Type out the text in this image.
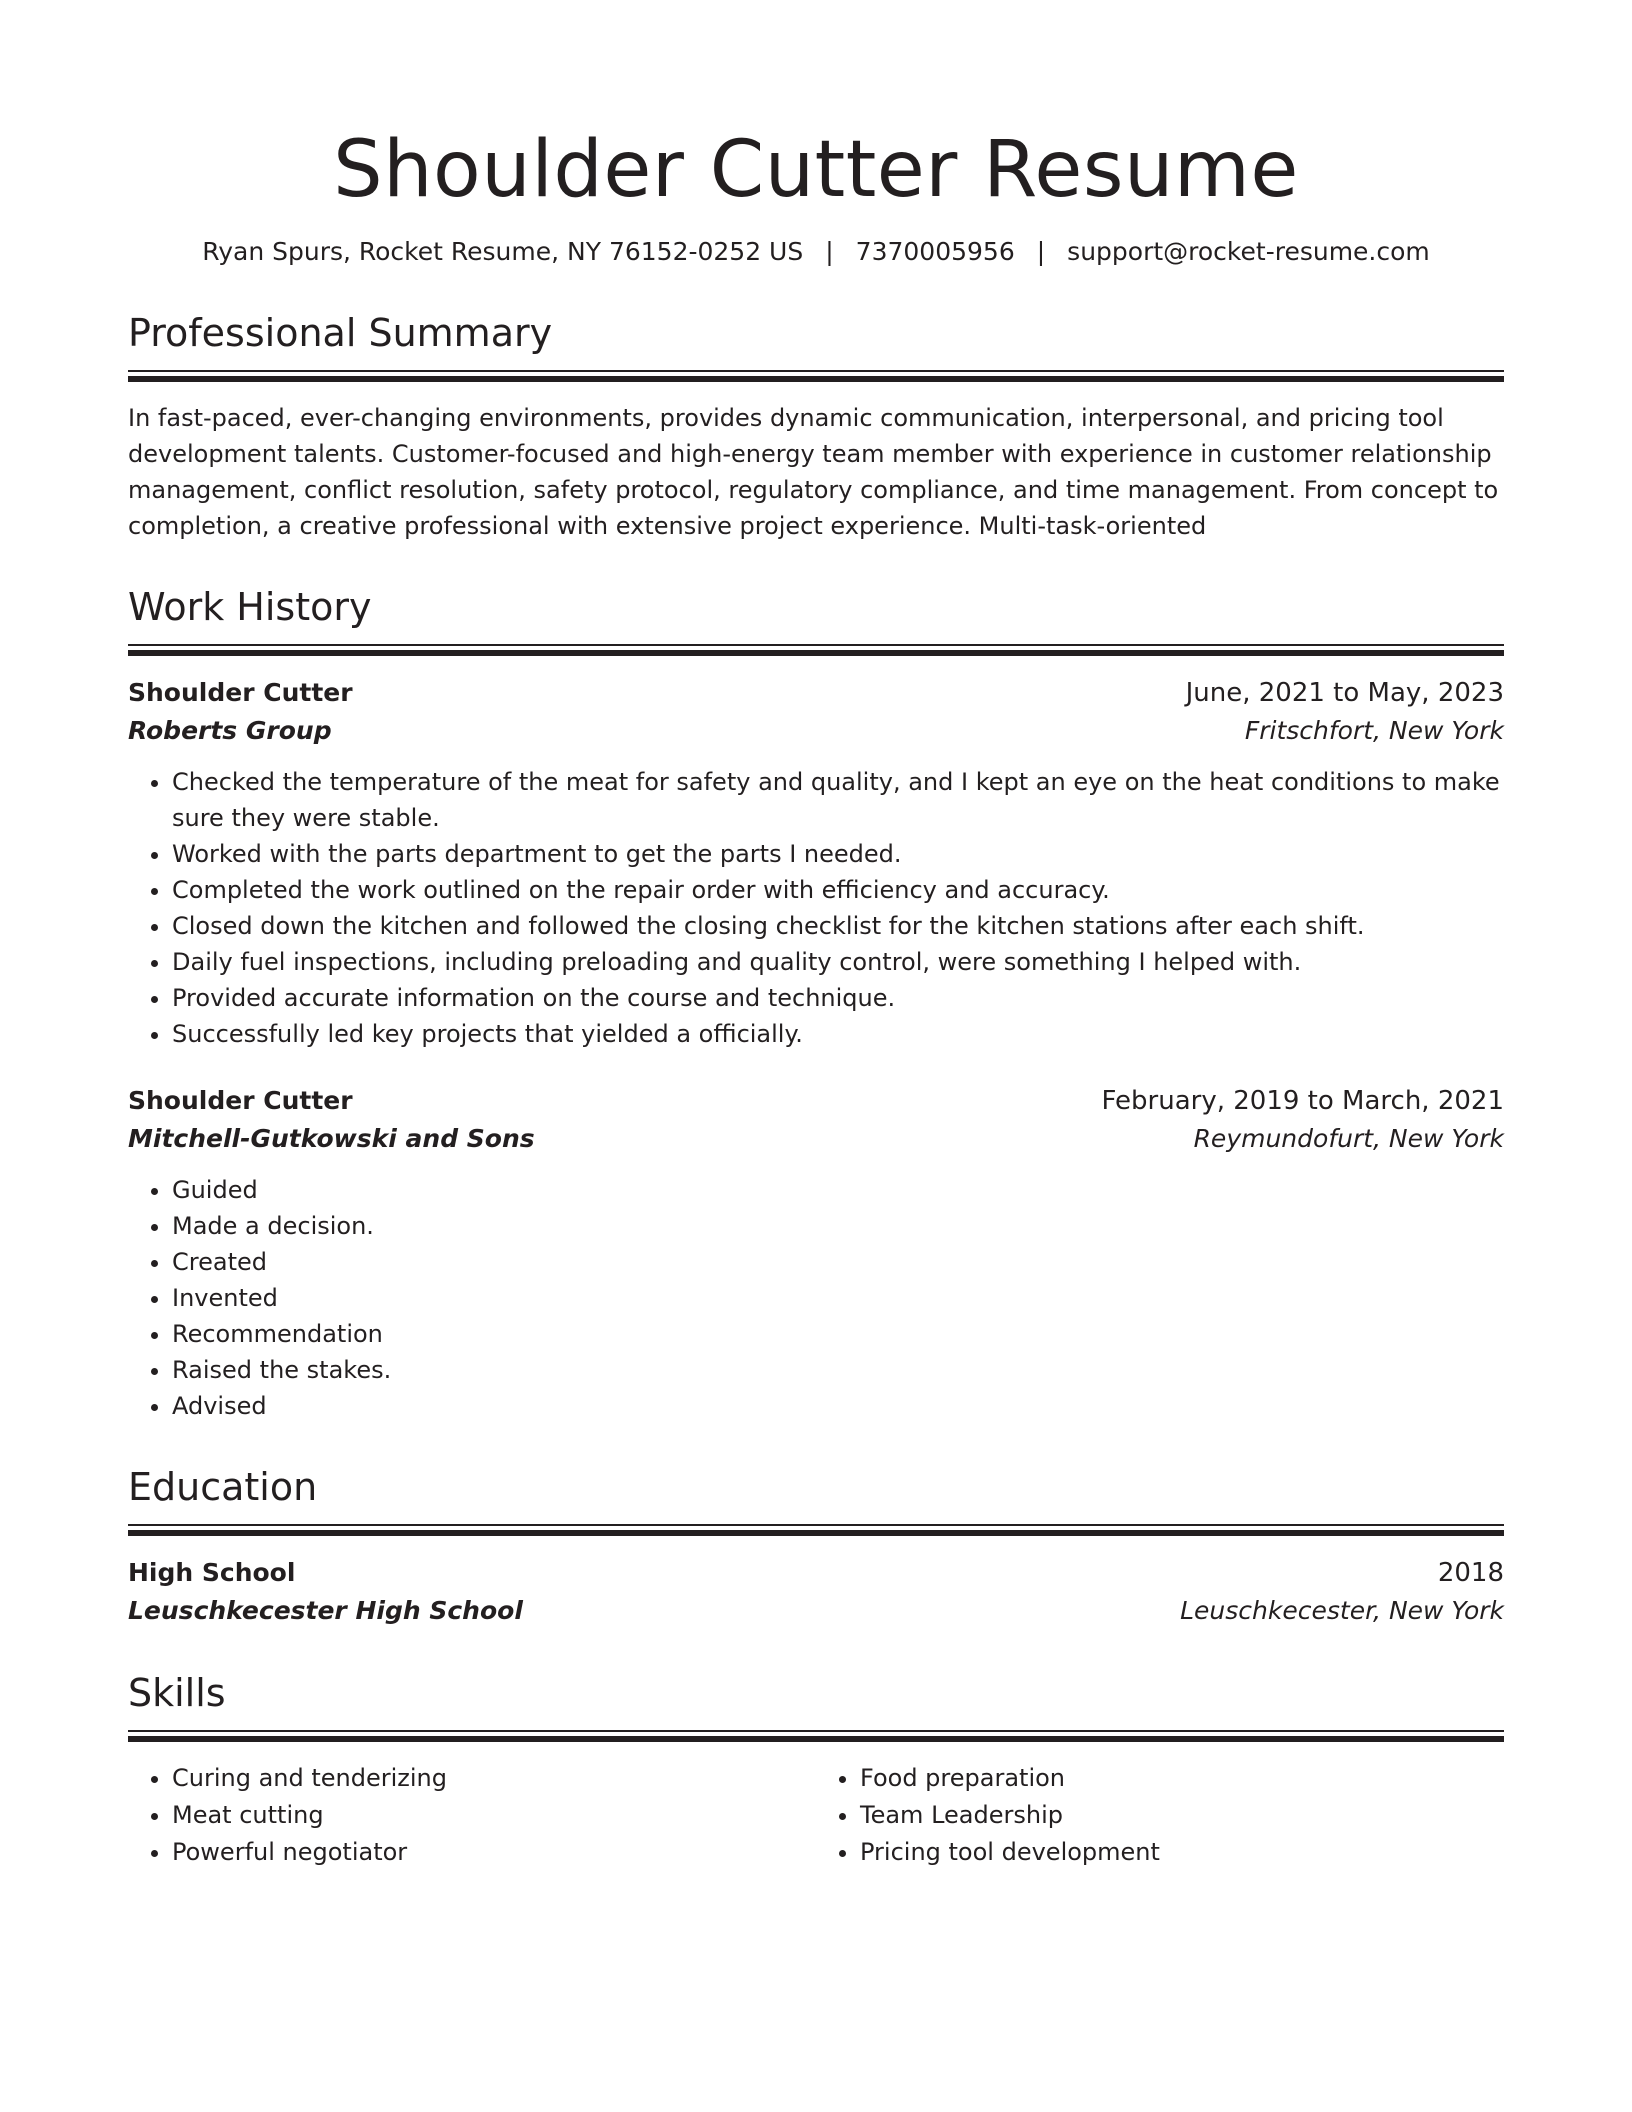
Shoulder Cutter Resume
Ryan Spurs, Rocket Resume, NY 76152-0252 US | 7370005956 | support@rocket-resume.com
Professional Summary
In fast-paced, ever-changing environments, provides dynamic communication, interpersonal, and pricing tool development talents. Customer-focused and high-energy team member with experience in customer relationship management, conflict resolution, safety protocol, regulatory compliance, and time management. From concept to completion, a creative professional with extensive project experience. Multi-task-oriented
Work History
Shoulder Cutter	June, 2021 to May, 2023
Roberts Group	Fritschfort, New York
• Checked the temperature of the meat for safety and quality, and I kept an eye on the heat conditions to make sure they were stable.
• Worked with the parts department to get the parts I needed.
• Completed the work outlined on the repair order with efficiency and accuracy.
• Closed down the kitchen and followed the closing checklist for the kitchen stations after each shift.
• Daily fuel inspections, including preloading and quality control, were something I helped with.
• Provided accurate information on the course and technique.
• Successfully led key projects that yielded a officially.
Shoulder Cutter	February, 2019 to March, 2021
Mitchell-Gutkowski and Sons	Reymundofurt, New York
• Guided
• Made a decision.
• Created
• Invented
• Recommendation
• Raised the stakes.
• Advised
Education
High School	2018
Leuschkecester High School	Leuschkecester, New York
Skills
• Curing and tenderizing
• Meat cutting
• Powerful negotiator
• Food preparation
• Team Leadership
• Pricing tool development
